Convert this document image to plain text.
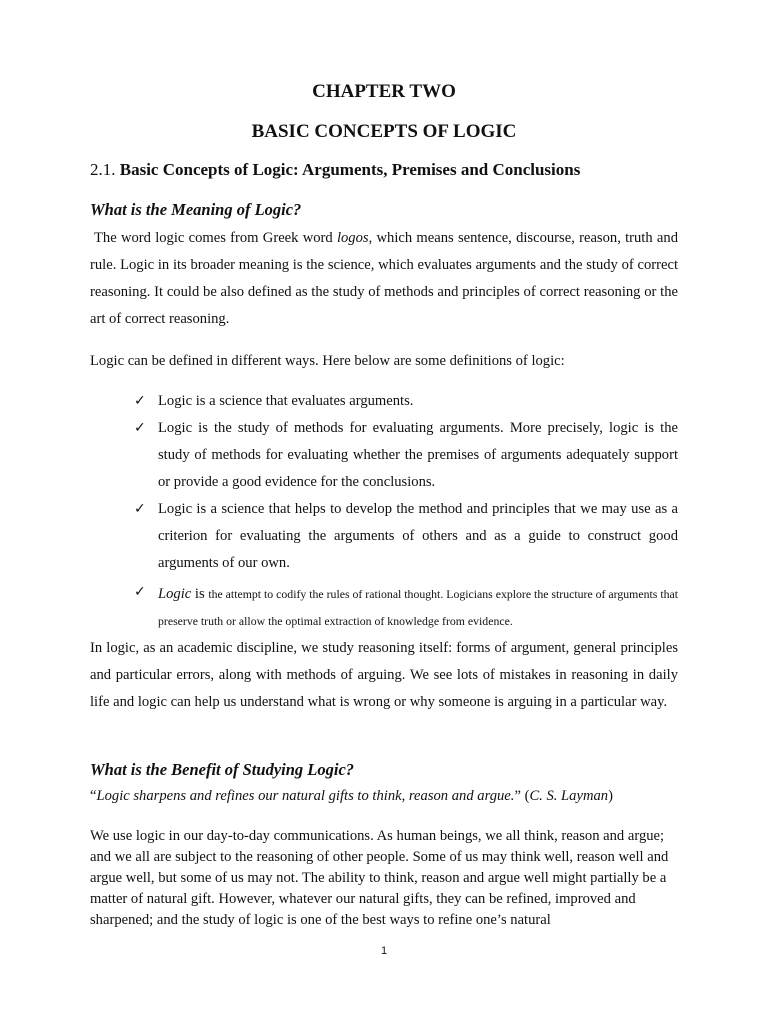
CHAPTER TWO
BASIC CONCEPTS OF LOGIC
2.1. Basic Concepts of Logic: Arguments, Premises and Conclusions
What is the Meaning of Logic?

The word logic comes from Greek word logos, which means sentence, discourse, reason, truth and rule. Logic in its broader meaning is the science, which evaluates arguments and the study of correct reasoning. It could be also defined as the study of methods and principles of correct reasoning or the art of correct reasoning.

Logic can be defined in different ways. Here below are some definitions of logic:

✓ Logic is a science that evaluates arguments.
✓ Logic is the study of methods for evaluating arguments. More precisely, logic is the study of methods for evaluating whether the premises of arguments adequately support or provide a good evidence for the conclusions.
✓ Logic is a science that helps to develop the method and principles that we may use as a criterion for evaluating the arguments of others and as a guide to construct good arguments of our own.
✓ Logic is the attempt to codify the rules of rational thought. Logicians explore the structure of arguments that preserve truth or allow the optimal extraction of knowledge from evidence.

In logic, as an academic discipline, we study reasoning itself: forms of argument, general principles and particular errors, along with methods of arguing. We see lots of mistakes in reasoning in daily life and logic can help us understand what is wrong or why someone is arguing in a particular way.

What is the Benefit of Studying Logic?
“Logic sharpens and refines our natural gifts to think, reason and argue.” (C. S. Layman)

We use logic in our day-to-day communications. As human beings, we all think, reason and argue; and we all are subject to the reasoning of other people. Some of us may think well, reason well and argue well, but some of us may not. The ability to think, reason and argue well might partially be a matter of natural gift. However, whatever our natural gifts, they can be refined, improved and sharpened; and the study of logic is one of the best ways to refine one’s natural

1
